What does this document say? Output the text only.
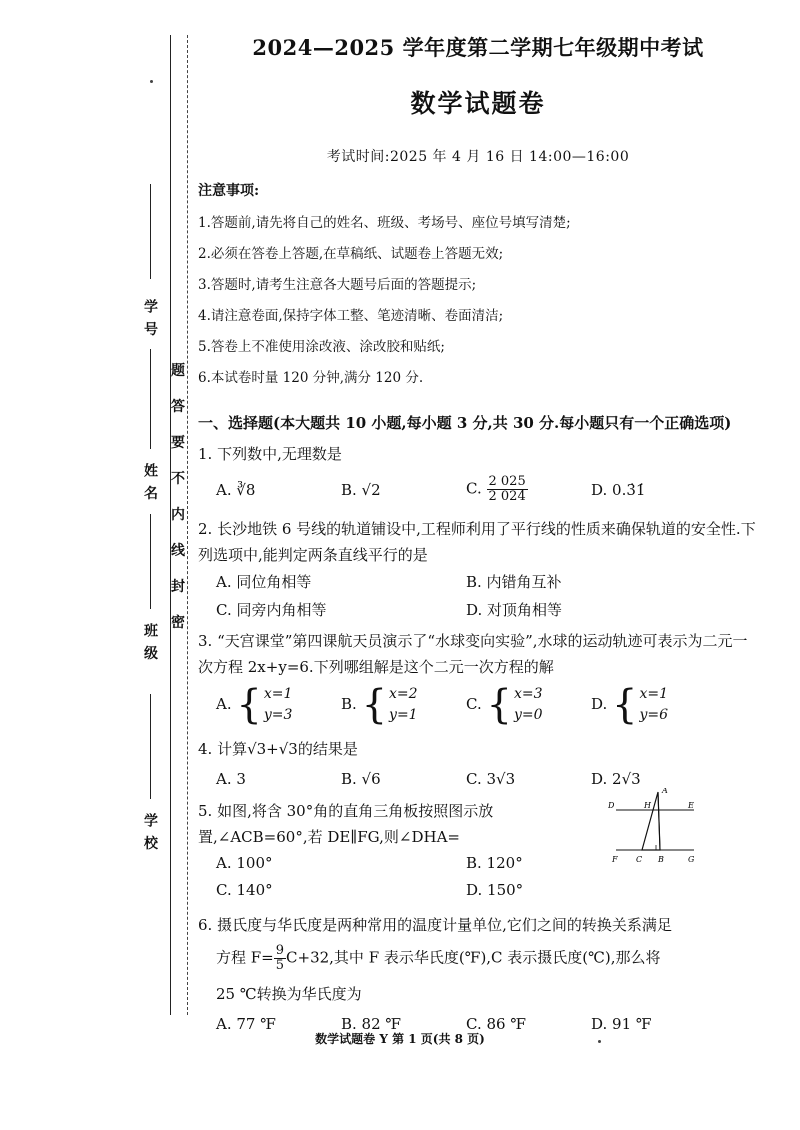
学 号
姓 名
班 级
学 校
题
答
要
不
内
线
封
密
2024—2025 学年度第二学期七年级期中考试
数学试题卷
考试时间:2025 年 4 月 16 日 14:00—16:00
注意事项:
1.答题前,请先将自己的姓名、班级、考场号、座位号填写清楚;
2.必须在答卷上答题,在草稿纸、试题卷上答题无效;
3.答题时,请考生注意各大题号后面的答题提示;
4.请注意卷面,保持字体工整、笔迹清晰、卷面清洁;
5.答卷上不准使用涂改液、涂改胶和贴纸;
6.本试卷时量 120 分钟,满分 120 分.
一、选择题(本大题共 10 小题,每小题 3 分,共 30 分.每小题只有一个正确选项)
1. 下列数中,无理数是
A. ∛8	B. √2	C. $\frac{2 025}{2 024}$	D. 0.3̇1̇
2. 长沙地铁 6 号线的轨道铺设中,工程师利用了平行线的性质来确保轨道的安全性.下列选项中,能判定两条直线平行的是
A. 同位角相等	B. 内错角互补
C. 同旁内角相等	D. 对顶角相等
3. “天宫课堂”第四课航天员演示了“水球变向实验”,水球的运动轨迹可表示为二元一次方程 2x+y=6.下列哪组解是这个二元一次方程的解
A. { x=1
y=3
B. { x=2
y=1
C. { x=3
y=0
D. { x=1
y=6
4. 计算√3+√3的结果是
A. 3	B. √6	C. 3√3	D. 2√3
5. 如图,将含 30°角的直角三角板按照图示放置,∠ACB=60°,若 DE∥FG,则∠DHA=
A. 100°	B. 120°
C. 140°	D. 150°
A
D	H	E
F C B	G
6. 摄氏度与华氏度是两种常用的温度计量单位,它们之间的转换关系满足
方程 $F= \frac{9}{5} C+32$,其中 F 表示华氏度(℉),C 表示摄氏度(℃),那么将
25 ℃转换为华氏度为
A. 77 ℉	B. 82 ℉	C. 86 ℉	D. 91 ℉
数学试题卷 Y 第 1 页(共 8 页)
